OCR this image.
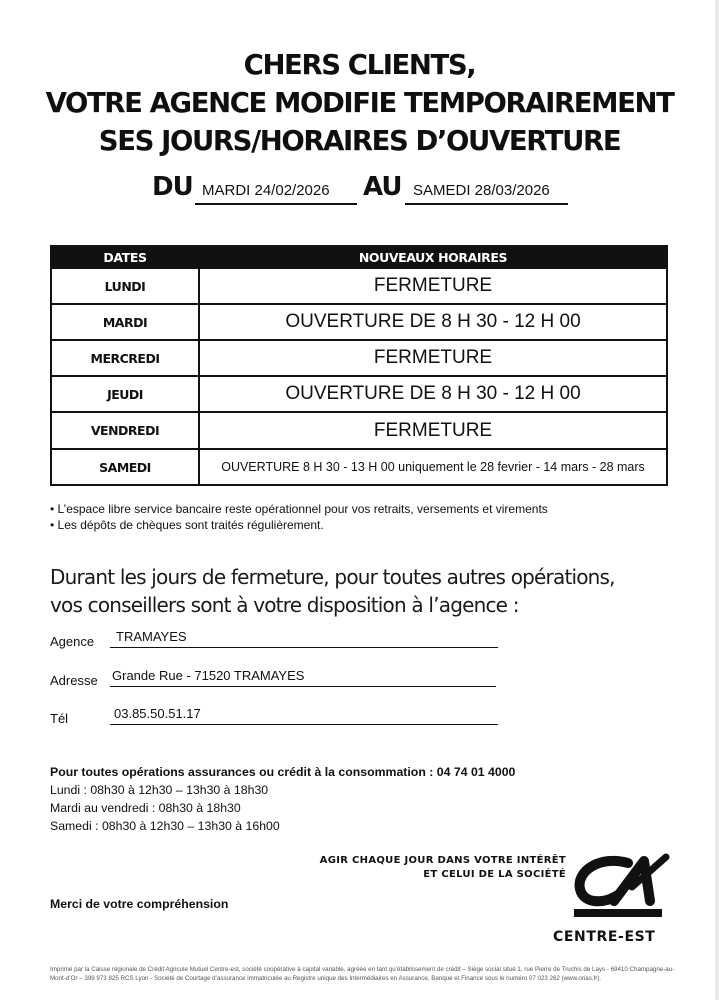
CHERS CLIENTS,
VOTRE AGENCE MODIFIE TEMPORAIREMENT
SES JOURS/HORAIRES D’OUVERTURE
DU MARDI 24/02/2026 AU SAMEDI 28/03/2026
DATES	NOUVEAUX HORAIRES
LUNDI	FERMETURE
MARDI	OUVERTURE DE 8 H 30 - 12 H 00
MERCREDI	FERMETURE
JEUDI	OUVERTURE DE 8 H 30 - 12 H 00
VENDREDI	FERMETURE
SAMEDI	OUVERTURE 8 H 30 - 13 H 00 uniquement le 28 fevrier - 14 mars - 28 mars
• L’espace libre service bancaire reste opérationnel pour vos retraits, versements et virements
• Les dépôts de chèques sont traités régulièrement.
Durant les jours de fermeture, pour toutes autres opérations,
vos conseillers sont à votre disposition à l’agence :
Agence TRAMAYES
Adresse Grande Rue - 71520 TRAMAYES
Tél	03.85.50.51.17
Pour toutes opérations assurances ou crédit à la consommation : 04 74 01 4000
Lundi : 08h30 à 12h30 – 13h30 à 18h30
Mardi au vendredi : 08h30 à 18h30
Samedi : 08h30 à 12h30 – 13h30 à 16h00
AGIR CHAQUE JOUR DANS VOTRE INTÉRÊT
ET CELUI DE LA SOCIÉTÉ
CENTRE-EST
Merci de votre compréhension
Imprimé par la Caisse régionale de Crédit Agricole Mutuel Centre-est, société coopérative à capital variable, agréée en tant qu’établissement de crédit – Siège social situé 1, rue Pierre de Truchis de Lays - 69410 Champagne-au-Mont-d’Or – 399 973 825 RCS Lyon - Société de Courtage d’assurance immatriculée au Registre unique des Intermédiaires en Assurance, Banque et Finance sous le numéro 07 023 262 (www.orias.fr).
